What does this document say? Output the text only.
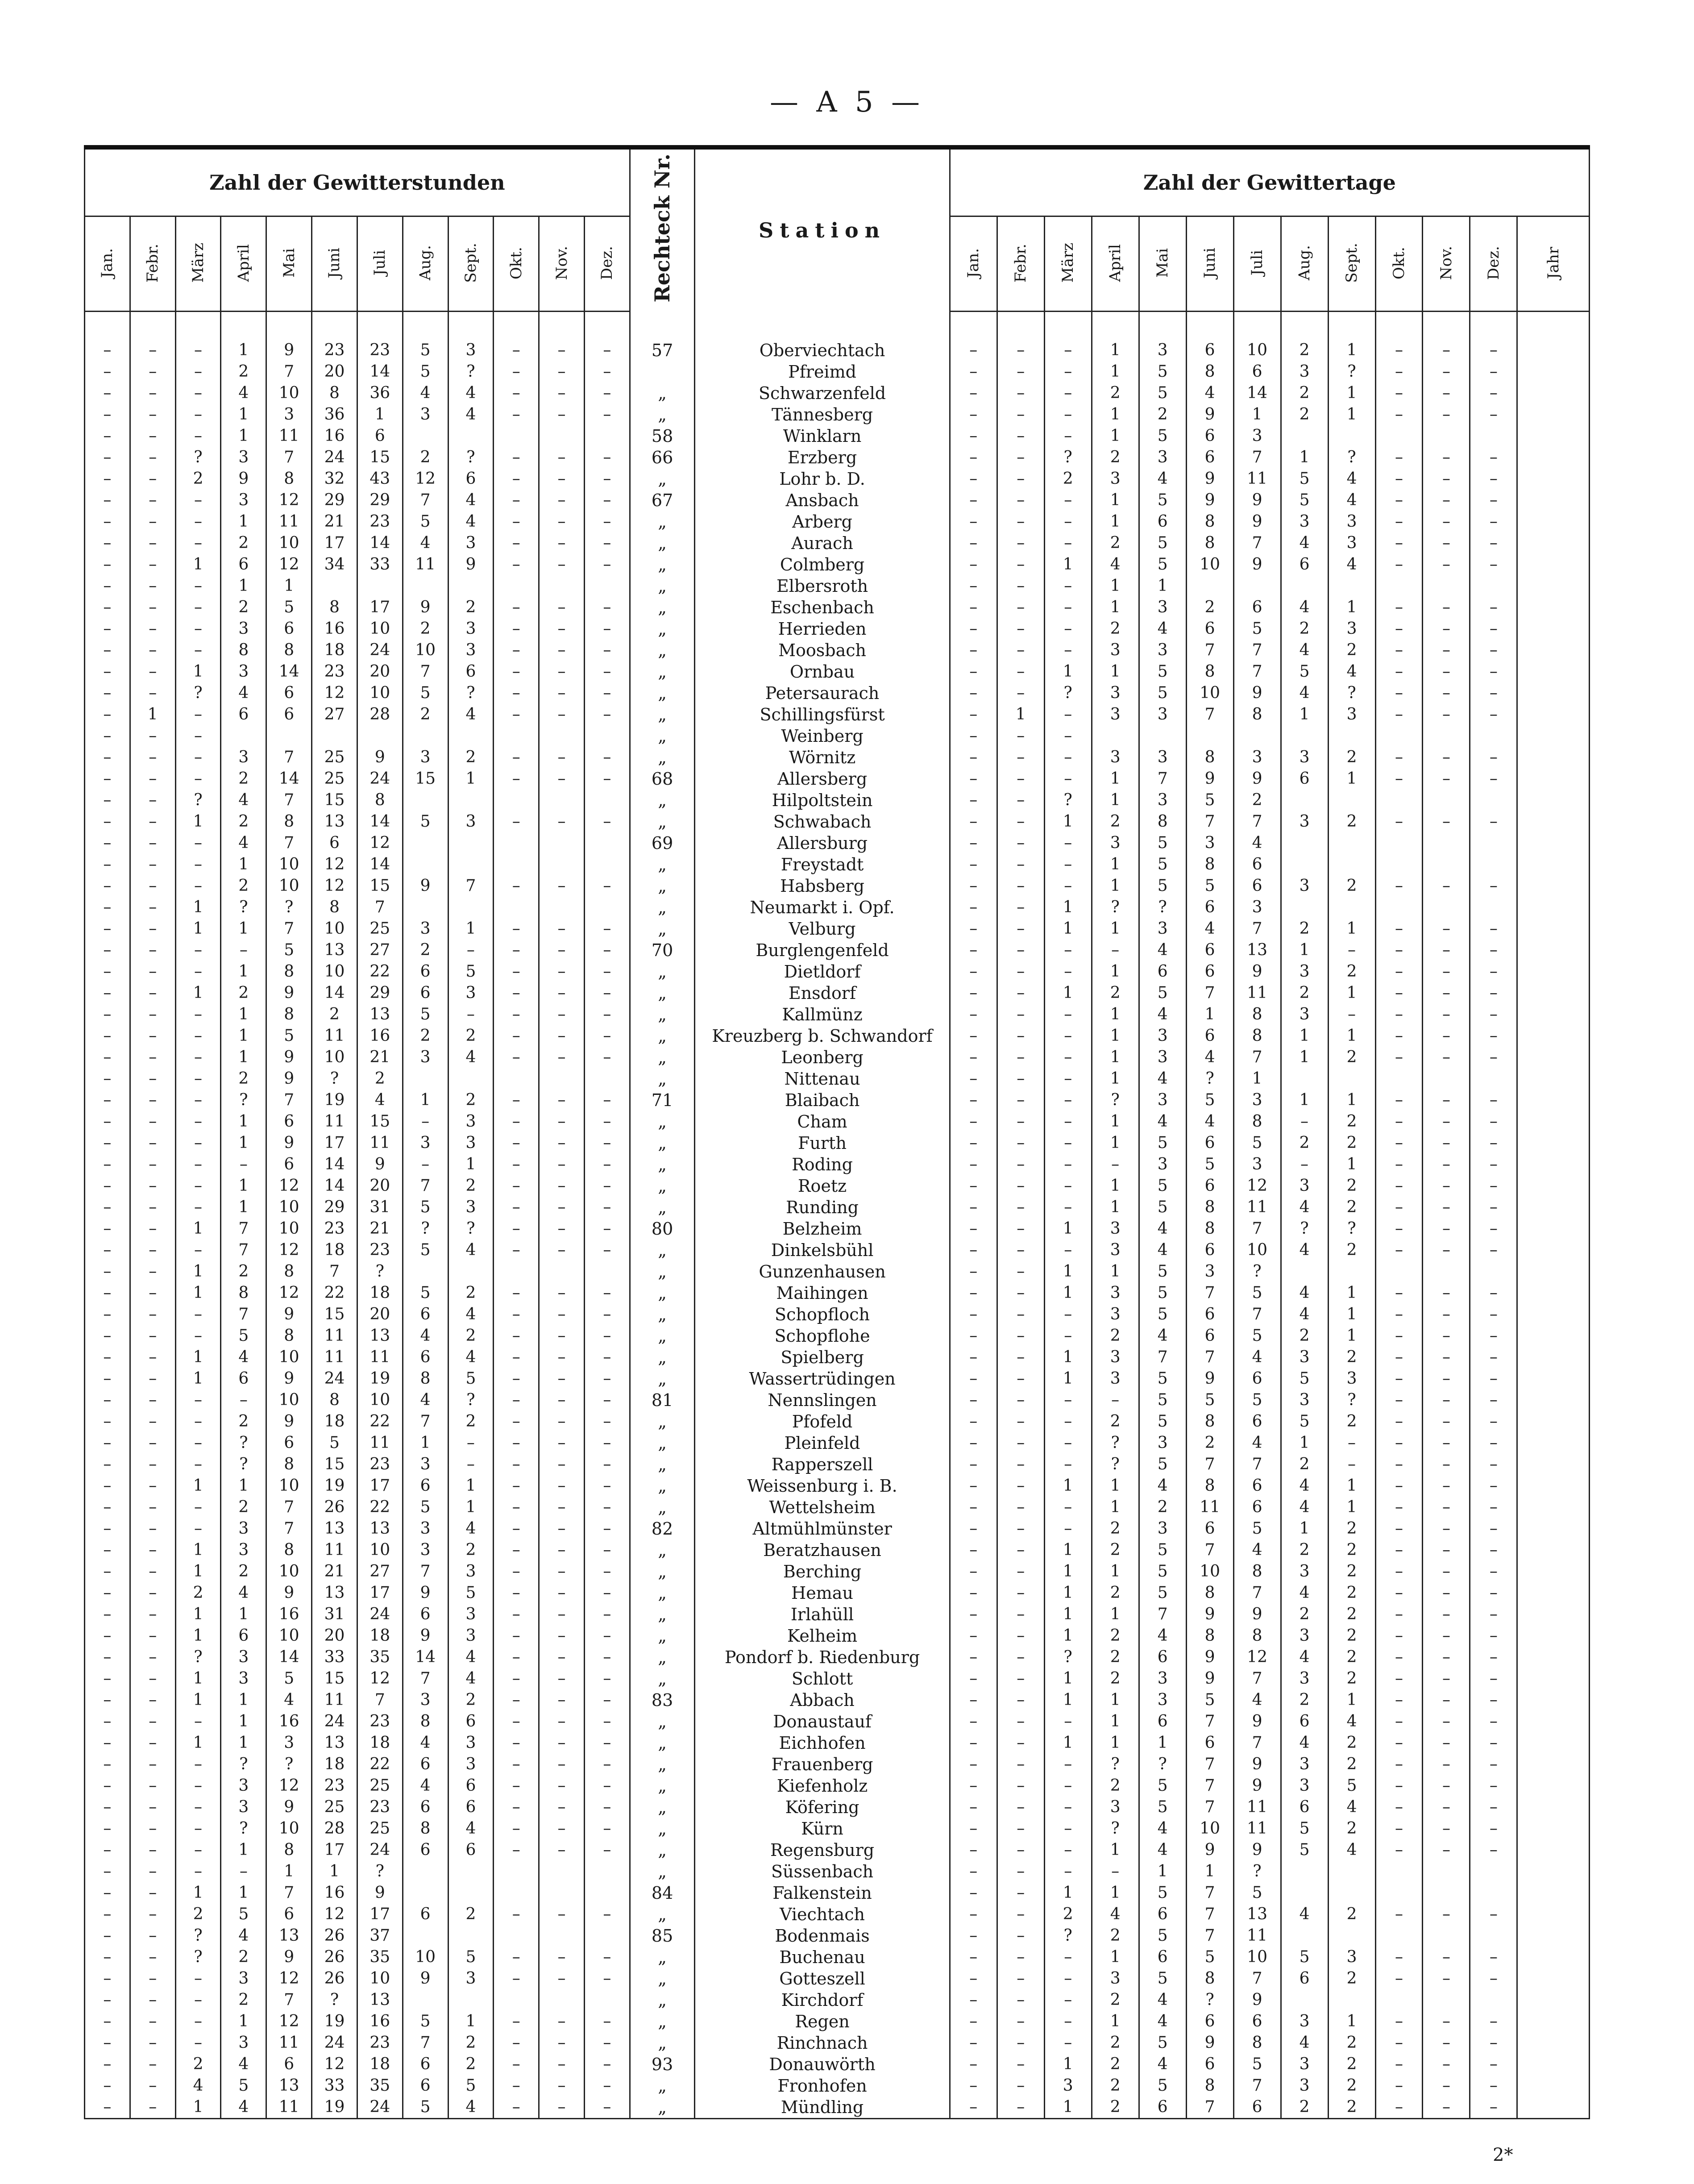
— A 5 —
Zahl der Gewitterstunden												Rechteck Nr.	Station	Zahl der Gewittertage												
Jan.	Febr.	März	April	Mai	Juni	Juli	Aug.	Sept.	Okt.	Nov.	Dez.			Jan.	Febr.	März	April	Mai	Juni	Juli	Aug.	Sept.	Okt.	Nov.	Dez.	Jahr

–	–	–	1	9	23	23	5	3	–	–	–	57	Oberviechtach	–	–	–	1	3	6	10	2	1	–	–	–	
–	–	–	2	7	20	14	5	?	–	–	–		Pfreimd	–	–	–	1	5	8	6	3	?	–	–	–	
–	–	–	4	10	8	36	4	4	–	–	–	„	Schwarzenfeld	–	–	–	2	5	4	14	2	1	–	–	–	
–	–	–	1	3	36	1	3	4	–	–	–	„	Tännesberg	–	–	–	1	2	9	1	2	1	–	–	–	
–	–	–	1	11	16	6						58	Winklarn	–	–	–	1	5	6	3						
–	–	?	3	7	24	15	2	?	–	–	–	66	Erzberg	–	–	?	2	3	6	7	1	?	–	–	–	
–	–	2	9	8	32	43	12	6	–	–	–	„	Lohr b. D.	–	–	2	3	4	9	11	5	4	–	–	–	
–	–	–	3	12	29	29	7	4	–	–	–	67	Ansbach	–	–	–	1	5	9	9	5	4	–	–	–	
–	–	–	1	11	21	23	5	4	–	–	–	„	Arberg	–	–	–	1	6	8	9	3	3	–	–	–	
–	–	–	2	10	17	14	4	3	–	–	–	„	Aurach	–	–	–	2	5	8	7	4	3	–	–	–	
–	–	1	6	12	34	33	11	9	–	–	–	„	Colmberg	–	–	1	4	5	10	9	6	4	–	–	–	
–	–	–	1	1								„	Elbersroth	–	–	–	1	1								
–	–	–	2	5	8	17	9	2	–	–	–	„	Eschenbach	–	–	–	1	3	2	6	4	1	–	–	–	
–	–	–	3	6	16	10	2	3	–	–	–	„	Herrieden	–	–	–	2	4	6	5	2	3	–	–	–	
–	–	–	8	8	18	24	10	3	–	–	–	„	Moosbach	–	–	–	3	3	7	7	4	2	–	–	–	
–	–	1	3	14	23	20	7	6	–	–	–	„	Ornbau	–	–	1	1	5	8	7	5	4	–	–	–	
–	–	?	4	6	12	10	5	?	–	–	–	„	Petersaurach	–	–	?	3	5	10	9	4	?	–	–	–	
–	1	–	6	6	27	28	2	4	–	–	–	„	Schillingsfürst	–	1	–	3	3	7	8	1	3	–	–	–	
–	–	–										„	Weinberg	–	–	–										
–	–	–	3	7	25	9	3	2	–	–	–	„	Wörnitz	–	–	–	3	3	8	3	3	2	–	–	–	
–	–	–	2	14	25	24	15	1	–	–	–	68	Allersberg	–	–	–	1	7	9	9	6	1	–	–	–	
–	–	?	4	7	15	8						„	Hilpoltstein	–	–	?	1	3	5	2						
–	–	1	2	8	13	14	5	3	–	–	–	„	Schwabach	–	–	1	2	8	7	7	3	2	–	–	–	
–	–	–	4	7	6	12						69	Allersburg	–	–	–	3	5	3	4						
–	–	–	1	10	12	14						„	Freystadt	–	–	–	1	5	8	6						
–	–	–	2	10	12	15	9	7	–	–	–	„	Habsberg	–	–	–	1	5	5	6	3	2	–	–	–	
–	–	1	?	?	8	7						„	Neumarkt i. Opf.	–	–	1	?	?	6	3						
–	–	1	1	7	10	25	3	1	–	–	–	„	Velburg	–	–	1	1	3	4	7	2	1	–	–	–	
–	–	–	–	5	13	27	2	–	–	–	–	70	Burglengenfeld	–	–	–	–	4	6	13	1	–	–	–	–	
–	–	–	1	8	10	22	6	5	–	–	–	„	Dietldorf	–	–	–	1	6	6	9	3	2	–	–	–	
–	–	1	2	9	14	29	6	3	–	–	–	„	Ensdorf	–	–	1	2	5	7	11	2	1	–	–	–	
–	–	–	1	8	2	13	5	–	–	–	–	„	Kallmünz	–	–	–	1	4	1	8	3	–	–	–	–	
–	–	–	1	5	11	16	2	2	–	–	–	„	Kreuzberg b. Schwandorf	–	–	–	1	3	6	8	1	1	–	–	–	
–	–	–	1	9	10	21	3	4	–	–	–	„	Leonberg	–	–	–	1	3	4	7	1	2	–	–	–	
–	–	–	2	9	?	2						„	Nittenau	–	–	–	1	4	?	1						
–	–	–	?	7	19	4	1	2	–	–	–	71	Blaibach	–	–	–	?	3	5	3	1	1	–	–	–	
–	–	–	1	6	11	15	–	3	–	–	–	„	Cham	–	–	–	1	4	4	8	–	2	–	–	–	
–	–	–	1	9	17	11	3	3	–	–	–	„	Furth	–	–	–	1	5	6	5	2	2	–	–	–	
–	–	–	–	6	14	9	–	1	–	–	–	„	Roding	–	–	–	–	3	5	3	–	1	–	–	–	
–	–	–	1	12	14	20	7	2	–	–	–	„	Roetz	–	–	–	1	5	6	12	3	2	–	–	–	
–	–	–	1	10	29	31	5	3	–	–	–	„	Runding	–	–	–	1	5	8	11	4	2	–	–	–	
–	–	1	7	10	23	21	?	?	–	–	–	80	Belzheim	–	–	1	3	4	8	7	?	?	–	–	–	
–	–	–	7	12	18	23	5	4	–	–	–	„	Dinkelsbühl	–	–	–	3	4	6	10	4	2	–	–	–	
–	–	1	2	8	7	?						„	Gunzenhausen	–	–	1	1	5	3	?						
–	–	1	8	12	22	18	5	2	–	–	–	„	Maihingen	–	–	1	3	5	7	5	4	1	–	–	–	
–	–	–	7	9	15	20	6	4	–	–	–	„	Schopfloch	–	–	–	3	5	6	7	4	1	–	–	–	
–	–	–	5	8	11	13	4	2	–	–	–	„	Schopflohe	–	–	–	2	4	6	5	2	1	–	–	–	
–	–	1	4	10	11	11	6	4	–	–	–	„	Spielberg	–	–	1	3	7	7	4	3	2	–	–	–	
–	–	1	6	9	24	19	8	5	–	–	–	„	Wassertrüdingen	–	–	1	3	5	9	6	5	3	–	–	–	
–	–	–	–	10	8	10	4	?	–	–	–	81	Nennslingen	–	–	–	–	5	5	5	3	?	–	–	–	
–	–	–	2	9	18	22	7	2	–	–	–	„	Pfofeld	–	–	–	2	5	8	6	5	2	–	–	–	
–	–	–	?	6	5	11	1	–	–	–	–	„	Pleinfeld	–	–	–	?	3	2	4	1	–	–	–	–	
–	–	–	?	8	15	23	3	–	–	–	–	„	Rapperszell	–	–	–	?	5	7	7	2	–	–	–	–	
–	–	1	1	10	19	17	6	1	–	–	–	„	Weissenburg i. B.	–	–	1	1	4	8	6	4	1	–	–	–	
–	–	–	2	7	26	22	5	1	–	–	–	„	Wettelsheim	–	–	–	1	2	11	6	4	1	–	–	–	
–	–	–	3	7	13	13	3	4	–	–	–	82	Altmühlmünster	–	–	–	2	3	6	5	1	2	–	–	–	
–	–	1	3	8	11	10	3	2	–	–	–	„	Beratzhausen	–	–	1	2	5	7	4	2	2	–	–	–	
–	–	1	2	10	21	27	7	3	–	–	–	„	Berching	–	–	1	1	5	10	8	3	2	–	–	–	
–	–	2	4	9	13	17	9	5	–	–	–	„	Hemau	–	–	1	2	5	8	7	4	2	–	–	–	
–	–	1	1	16	31	24	6	3	–	–	–	„	Irlahüll	–	–	1	1	7	9	9	2	2	–	–	–	
–	–	1	6	10	20	18	9	3	–	–	–	„	Kelheim	–	–	1	2	4	8	8	3	2	–	–	–	
–	–	?	3	14	33	35	14	4	–	–	–	„	Pondorf b. Riedenburg	–	–	?	2	6	9	12	4	2	–	–	–	
–	–	1	3	5	15	12	7	4	–	–	–	„	Schlott	–	–	1	2	3	9	7	3	2	–	–	–	
–	–	1	1	4	11	7	3	2	–	–	–	83	Abbach	–	–	1	1	3	5	4	2	1	–	–	–	
–	–	–	1	16	24	23	8	6	–	–	–	„	Donaustauf	–	–	–	1	6	7	9	6	4	–	–	–	
–	–	1	1	3	13	18	4	3	–	–	–	„	Eichhofen	–	–	1	1	1	6	7	4	2	–	–	–	
–	–	–	?	?	18	22	6	3	–	–	–	„	Frauenberg	–	–	–	?	?	7	9	3	2	–	–	–	
–	–	–	3	12	23	25	4	6	–	–	–	„	Kiefenholz	–	–	–	2	5	7	9	3	5	–	–	–	
–	–	–	3	9	25	23	6	6	–	–	–	„	Köfering	–	–	–	3	5	7	11	6	4	–	–	–	
–	–	–	?	10	28	25	8	4	–	–	–	„	Kürn	–	–	–	?	4	10	11	5	2	–	–	–	
–	–	–	1	8	17	24	6	6	–	–	–	„	Regensburg	–	–	–	1	4	9	9	5	4	–	–	–	
–	–	–	–	1	1	?						„	Süssenbach	–	–	–	–	1	1	?						
–	–	1	1	7	16	9						84	Falkenstein	–	–	1	1	5	7	5						
–	–	2	5	6	12	17	6	2	–	–	–	„	Viechtach	–	–	2	4	6	7	13	4	2	–	–	–	
–	–	?	4	13	26	37						85	Bodenmais	–	–	?	2	5	7	11						
–	–	?	2	9	26	35	10	5	–	–	–	„	Buchenau	–	–	–	1	6	5	10	5	3	–	–	–	
–	–	–	3	12	26	10	9	3	–	–	–	„	Gotteszell	–	–	–	3	5	8	7	6	2	–	–	–	
–	–	–	2	7	?	13						„	Kirchdorf	–	–	–	2	4	?	9						
–	–	–	1	12	19	16	5	1	–	–	–	„	Regen	–	–	–	1	4	6	6	3	1	–	–	–	
–	–	–	3	11	24	23	7	2	–	–	–	„	Rinchnach	–	–	–	2	5	9	8	4	2	–	–	–	
–	–	2	4	6	12	18	6	2	–	–	–	93	Donauwörth	–	–	1	2	4	6	5	3	2	–	–	–	
–	–	4	5	13	33	35	6	5	–	–	–	„	Fronhofen	–	–	3	2	5	8	7	3	2	–	–	–	
–	–	1	4	11	19	24	5	4	–	–	–	„	Mündling	–	–	1	2	6	7	6	2	2	–	–	–	
2*
